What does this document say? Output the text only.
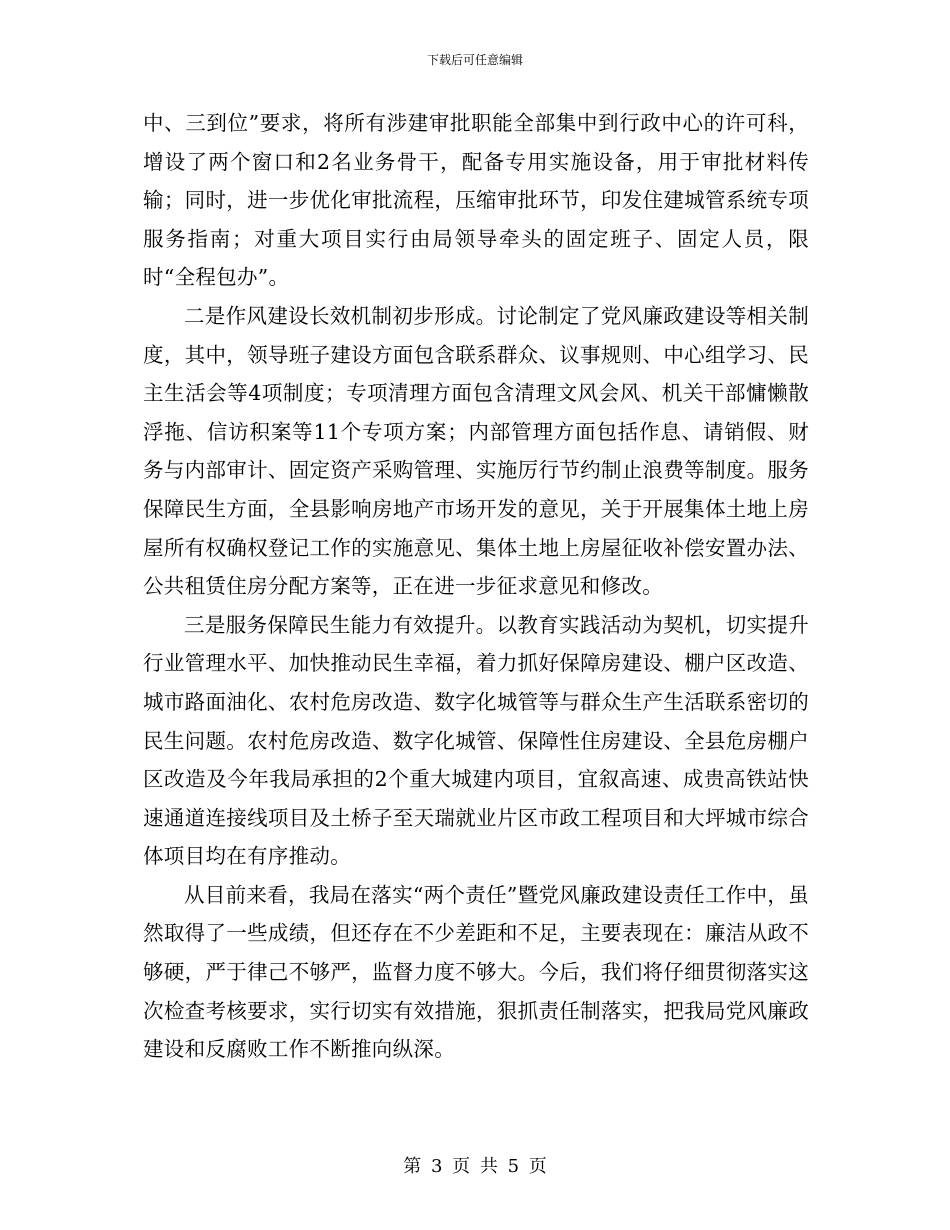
下载后可任意编辑

中、三到位”要求，将所有涉建审批职能全部集中到行政中心的许可科，增设了两个窗口和2名业务骨干，配备专用实施设备，用于审批材料传输；同时，进一步优化审批流程，压缩审批环节，印发住建城管系统专项服务指南；对重大项目实行由局领导牵头的固定班子、固定人员，限时“全程包办”。

二是作风建设长效机制初步形成。讨论制定了党风廉政建设等相关制度，其中，领导班子建设方面包含联系群众、议事规则、中心组学习、民主生活会等4项制度；专项清理方面包含清理文风会风、机关干部慵懒散浮拖、信访积案等11个专项方案；内部管理方面包括作息、请销假、财务与内部审计、固定资产采购管理、实施厉行节约制止浪费等制度。服务保障民生方面，全县影响房地产市场开发的意见，关于开展集体土地上房屋所有权确权登记工作的实施意见、集体土地上房屋征收补偿安置办法、公共租赁住房分配方案等，正在进一步征求意见和修改。

三是服务保障民生能力有效提升。以教育实践活动为契机，切实提升行业管理水平、加快推动民生幸福，着力抓好保障房建设、棚户区改造、城市路面油化、农村危房改造、数字化城管等与群众生产生活联系密切的民生问题。农村危房改造、数字化城管、保障性住房建设、全县危房棚户区改造及今年我局承担的2个重大城建内项目，宜叙高速、成贵高铁站快速通道连接线项目及土桥子至天瑞就业片区市政工程项目和大坪城市综合体项目均在有序推动。

从目前来看，我局在落实“两个责任”暨党风廉政建设责任工作中，虽然取得了一些成绩，但还存在不少差距和不足，主要表现在：廉洁从政不够硬，严于律己不够严，监督力度不够大。今后，我们将仔细贯彻落实这次检查考核要求，实行切实有效措施，狠抓责任制落实，把我局党风廉政建设和反腐败工作不断推向纵深。

第 3 页 共 5 页
